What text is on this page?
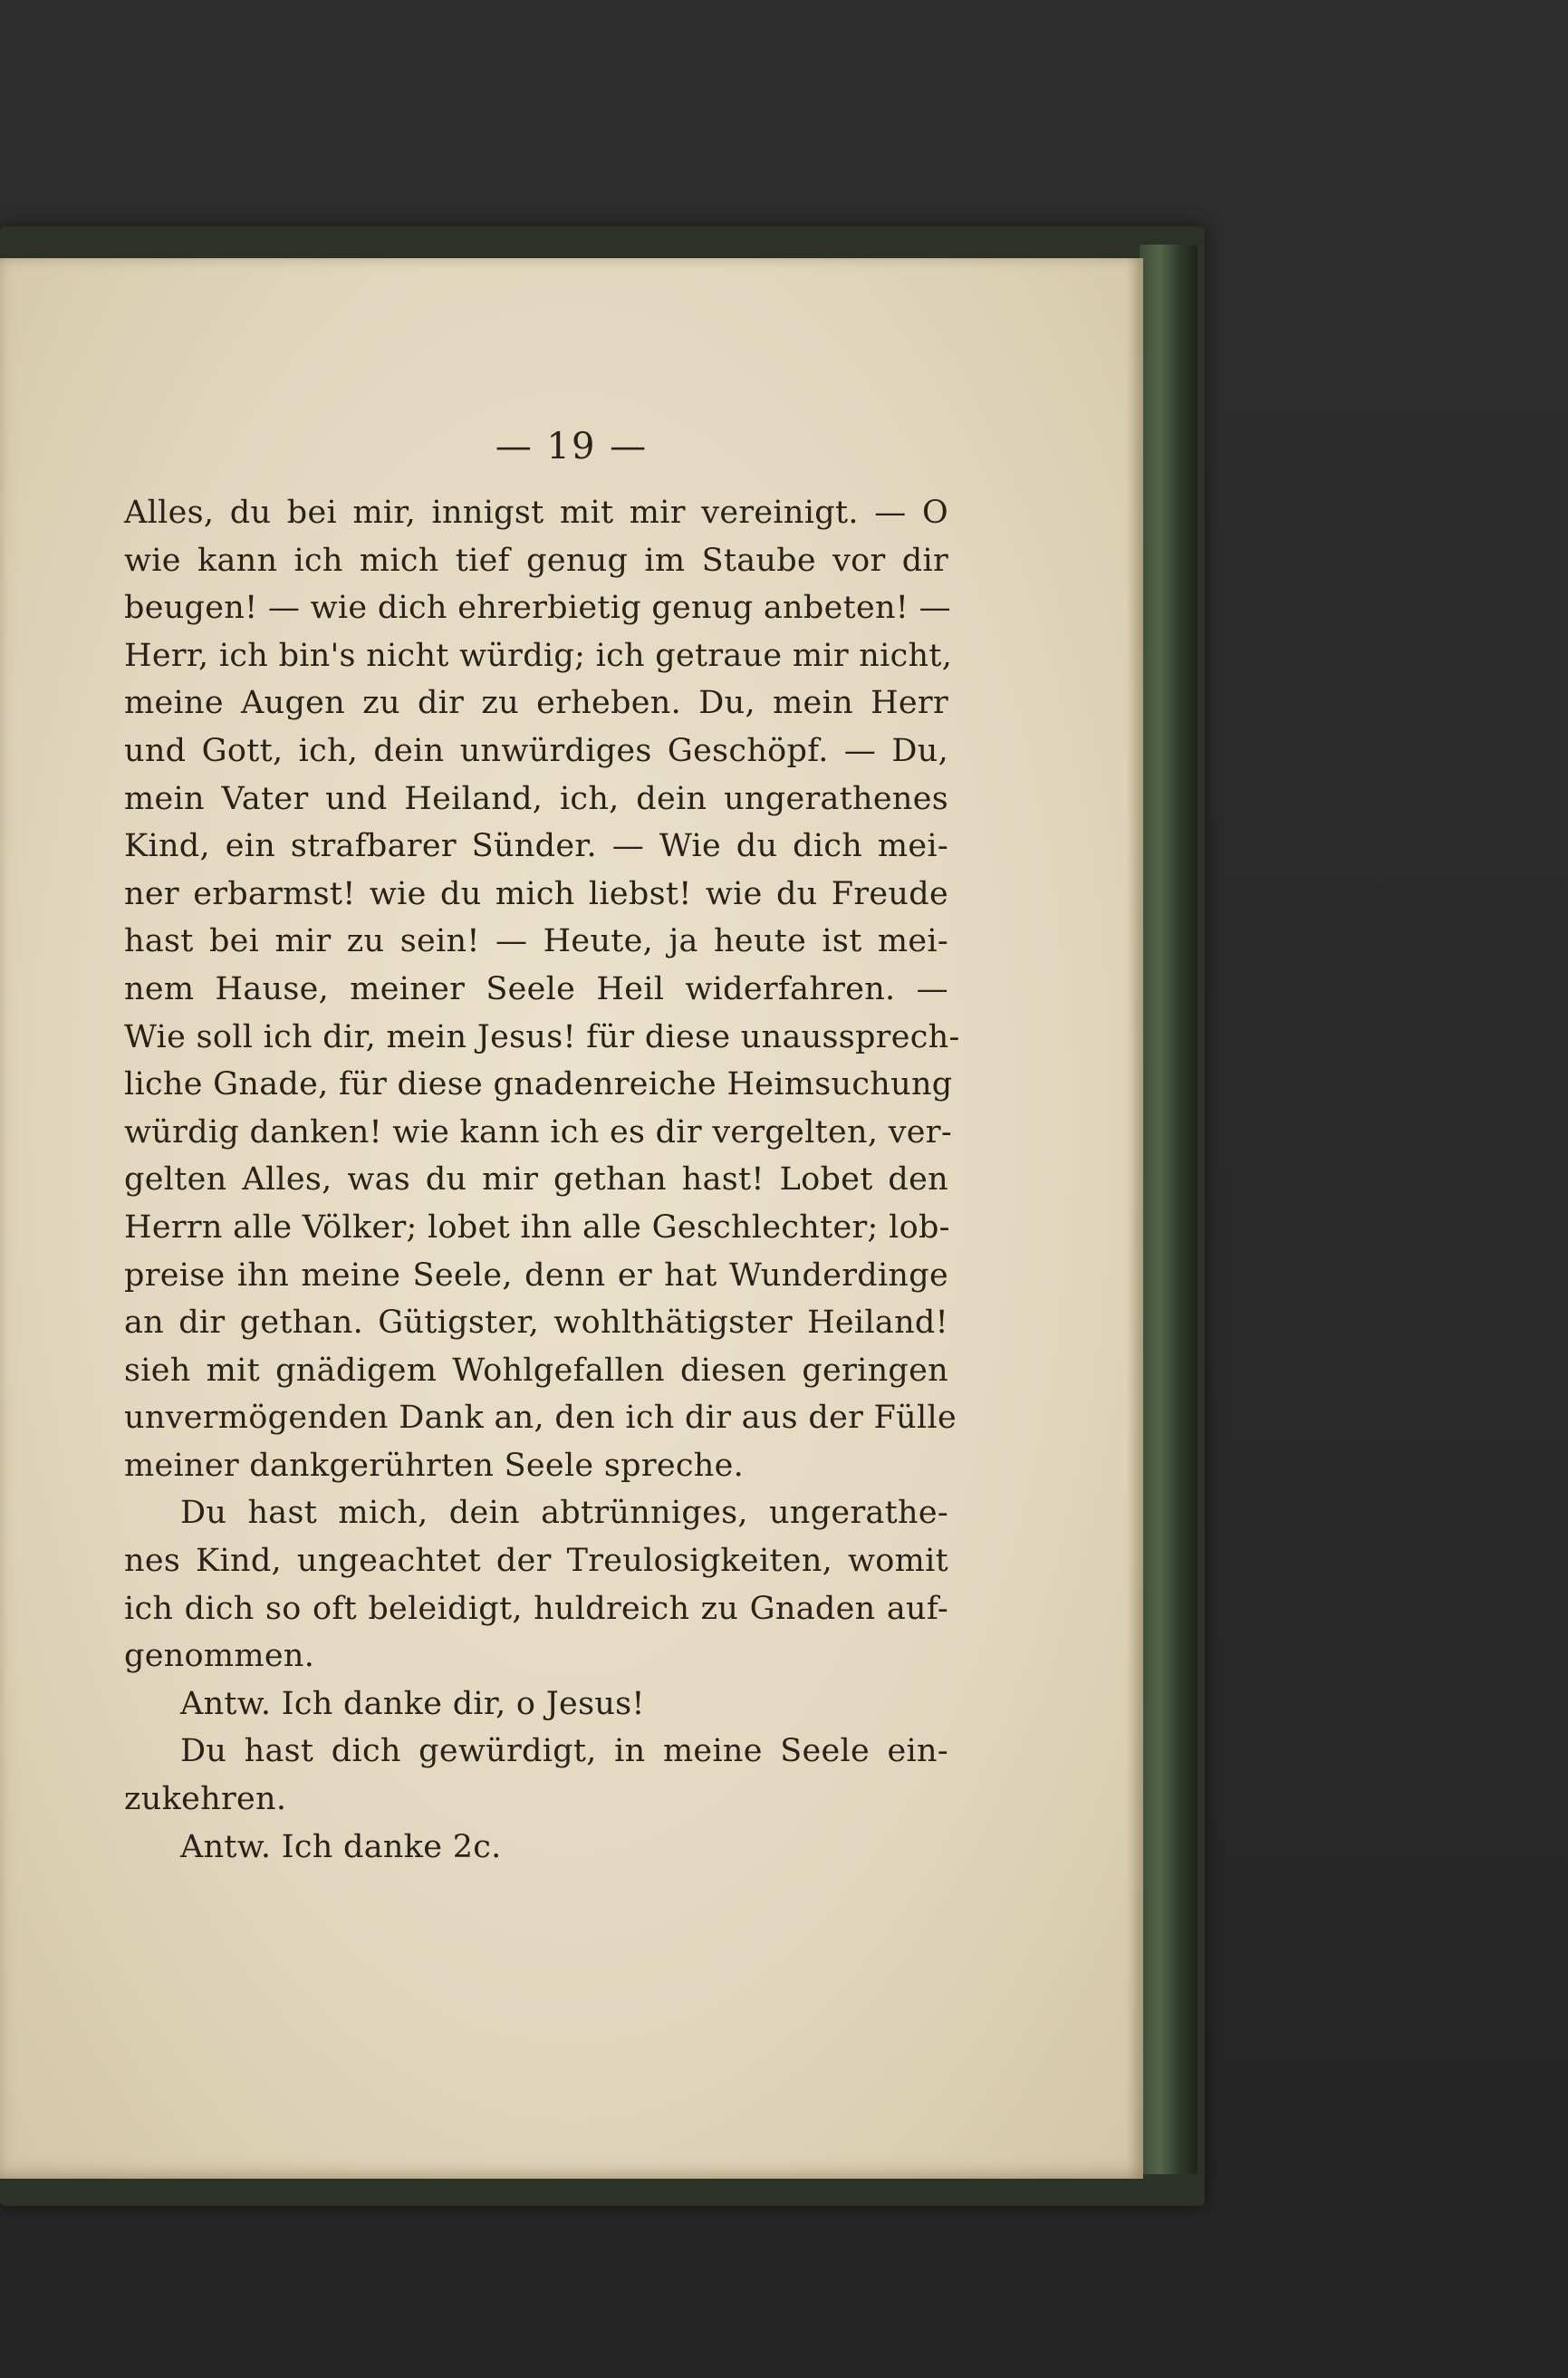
— 19 —
Alles, du bei mir, innigst mit mir vereinigt. — O
wie kann ich mich tief genug im Staube vor dir
beugen! — wie dich ehrerbietig genug anbeten! —
Herr, ich bin's nicht würdig; ich getraue mir nicht,
meine Augen zu dir zu erheben. Du, mein Herr
und Gott, ich, dein unwürdiges Geschöpf. — Du,
mein Vater und Heiland, ich, dein ungerathenes
Kind, ein strafbarer Sünder. — Wie du dich mei-
ner erbarmst! wie du mich liebst! wie du Freude
hast bei mir zu sein! — Heute, ja heute ist mei-
nem Hause, meiner Seele Heil widerfahren. —
Wie soll ich dir, mein Jesus! für diese unaussprech-
liche Gnade, für diese gnadenreiche Heimsuchung
würdig danken! wie kann ich es dir vergelten, ver-
gelten Alles, was du mir gethan hast! Lobet den
Herrn alle Völker; lobet ihn alle Geschlechter; lob-
preise ihn meine Seele, denn er hat Wunderdinge
an dir gethan. Gütigster, wohlthätigster Heiland!
sieh mit gnädigem Wohlgefallen diesen geringen
unvermögenden Dank an, den ich dir aus der Fülle
meiner dankgerührten Seele spreche.
Du hast mich, dein abtrünniges, ungerathe-
nes Kind, ungeachtet der Treulosigkeiten, womit
ich dich so oft beleidigt, huldreich zu Gnaden auf-
genommen.
Antw. Ich danke dir, o Jesus!
Du hast dich gewürdigt, in meine Seele ein-
zukehren.
Antw. Ich danke 2c.
